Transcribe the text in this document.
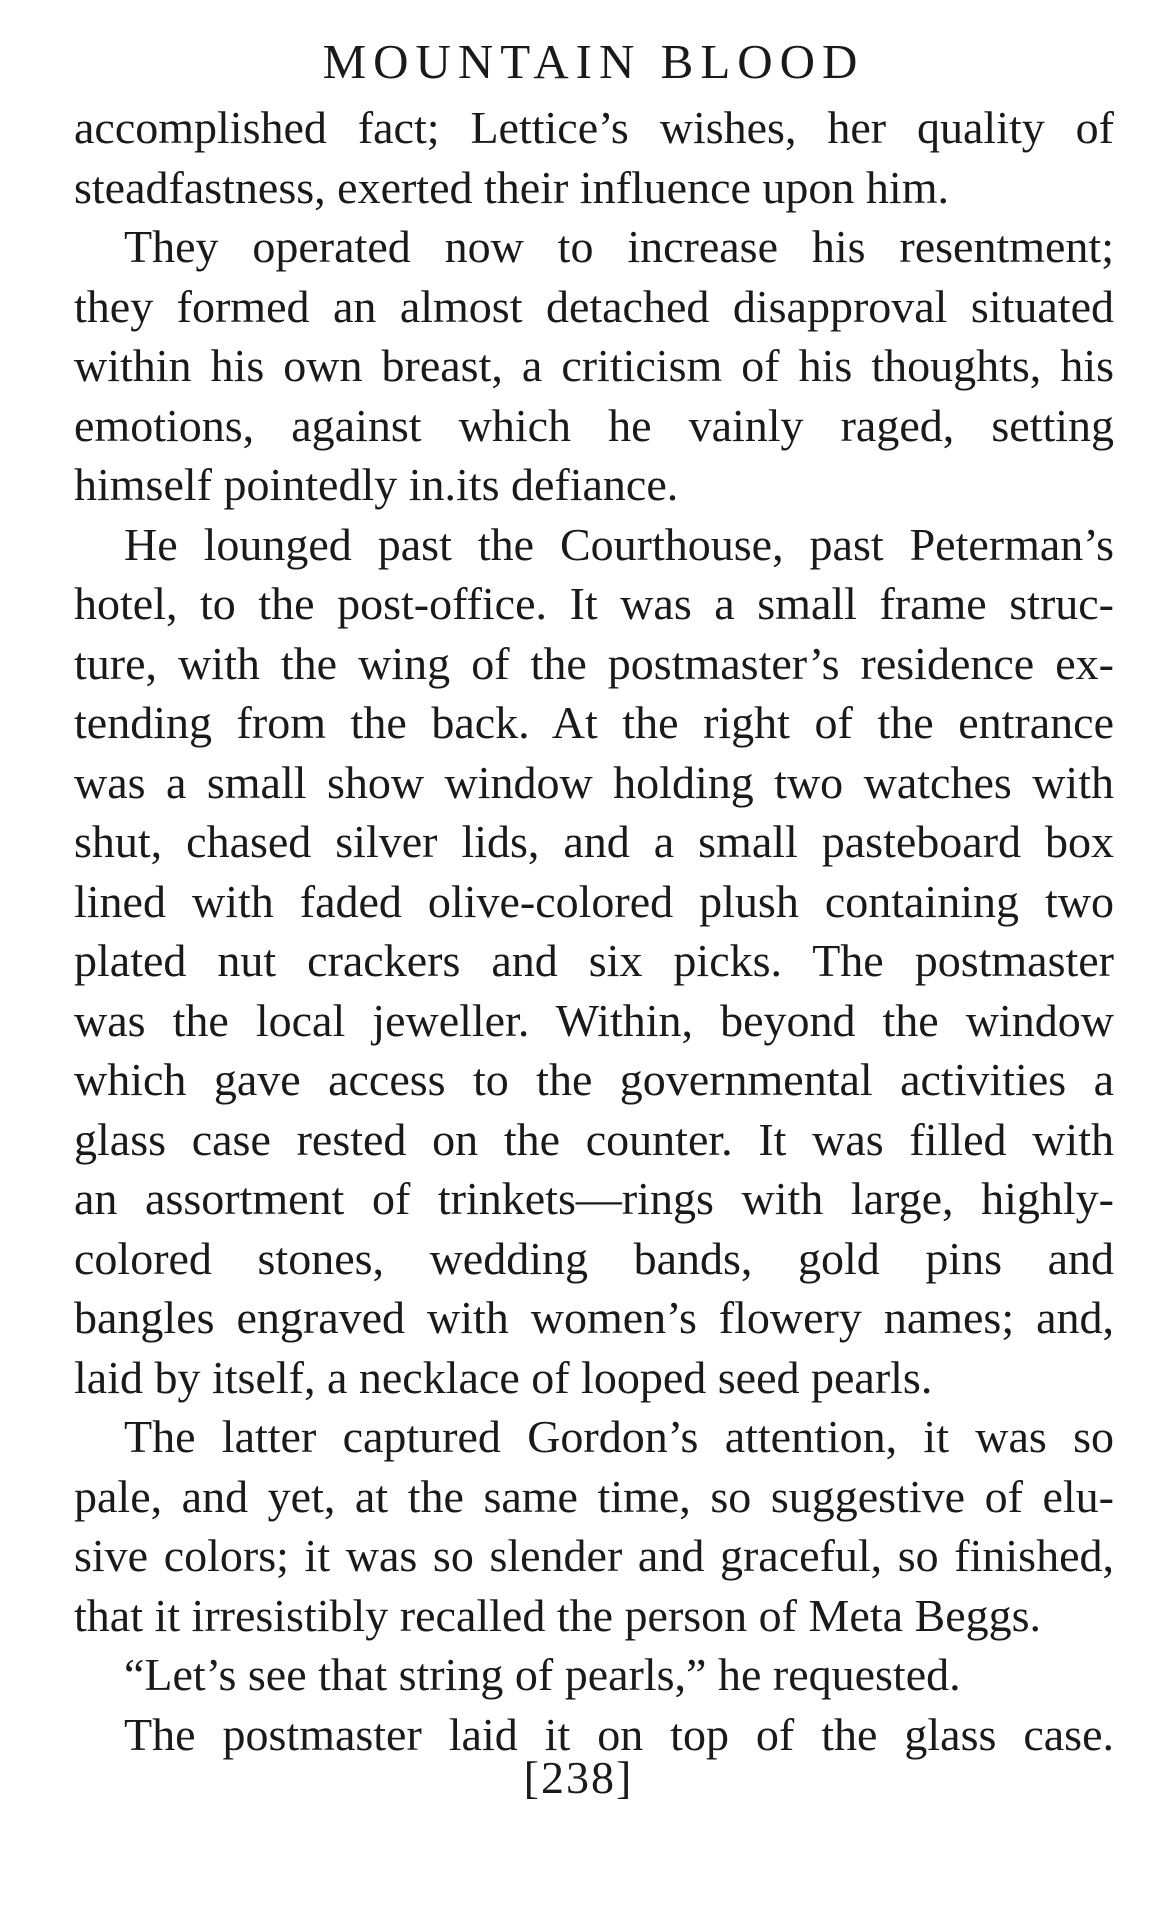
MOUNTAIN BLOOD
accomplished fact; Lettice’s wishes, her quality of
steadfastness, exerted their influence upon him.
They operated now to increase his resentment;
they formed an almost detached disapproval situated
within his own breast, a criticism of his thoughts, his
emotions, against which he vainly raged, setting
himself pointedly in.its defiance.
He lounged past the Courthouse, past Peterman’s
hotel, to the post-office. It was a small frame struc-
ture, with the wing of the postmaster’s residence ex-
tending from the back. At the right of the entrance
was a small show window holding two watches with
shut, chased silver lids, and a small pasteboard box
lined with faded olive-colored plush containing two
plated nut crackers and six picks. The postmaster
was the local jeweller. Within, beyond the window
which gave access to the governmental activities a
glass case rested on the counter. It was filled with
an assortment of trinkets—rings with large, highly-
colored stones, wedding bands, gold pins and
bangles engraved with women’s flowery names; and,
laid by itself, a necklace of looped seed pearls.
The latter captured Gordon’s attention, it was so
pale, and yet, at the same time, so suggestive of elu-
sive colors; it was so slender and graceful, so finished,
that it irresistibly recalled the person of Meta Beggs.
“Let’s see that string of pearls,” he requested.
The postmaster laid it on top of the glass case.
[238]
